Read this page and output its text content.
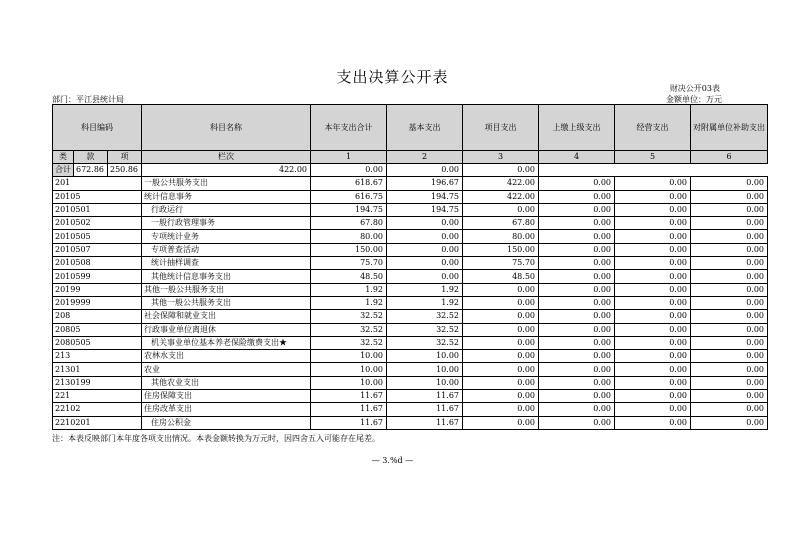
支出决算公开表
财决公开03表
部门：平江县统计局	金额单位：万元
科目编码			科目名称	本年支出合计	基本支出	项目支出	上缴上级支出	经营支出	对附属单位补助支出
类	款	项	栏次	1	2	3	4	5	6
合计	672.86	250.86	422.00	0.00	0.00	0.00			
201			一般公共服务支出	618.67	196.67	422.00	0.00	0.00	0.00
20105			统计信息事务	616.75	194.75	422.00	0.00	0.00	0.00
2010501			行政运行	194.75	194.75	0.00	0.00	0.00	0.00
2010502			一般行政管理事务	67.80	0.00	67.80	0.00	0.00	0.00
2010505			专项统计业务	80.00	0.00	80.00	0.00	0.00	0.00
2010507			专项普查活动	150.00	0.00	150.00	0.00	0.00	0.00
2010508			统计抽样调查	75.70	0.00	75.70	0.00	0.00	0.00
2010599			其他统计信息事务支出	48.50	0.00	48.50	0.00	0.00	0.00
20199			其他一般公共服务支出	1.92	1.92	0.00	0.00	0.00	0.00
2019999			其他一般公共服务支出	1.92	1.92	0.00	0.00	0.00	0.00
208			社会保障和就业支出	32.52	32.52	0.00	0.00	0.00	0.00
20805			行政事业单位离退休	32.52	32.52	0.00	0.00	0.00	0.00
2080505			机关事业单位基本养老保险缴费支出★	32.52	32.52	0.00	0.00	0.00	0.00
213			农林水支出	10.00	10.00	0.00	0.00	0.00	0.00
21301			农业	10.00	10.00	0.00	0.00	0.00	0.00
2130199			其他农业支出	10.00	10.00	0.00	0.00	0.00	0.00
221			住房保障支出	11.67	11.67	0.00	0.00	0.00	0.00
22102			住房改革支出	11.67	11.67	0.00	0.00	0.00	0.00
2210201			住房公积金	11.67	11.67	0.00	0.00	0.00	0.00
注：本表反映部门本年度各项支出情况。本表金额转换为万元时，因四舍五入可能存在尾差。
— 3.%d —
